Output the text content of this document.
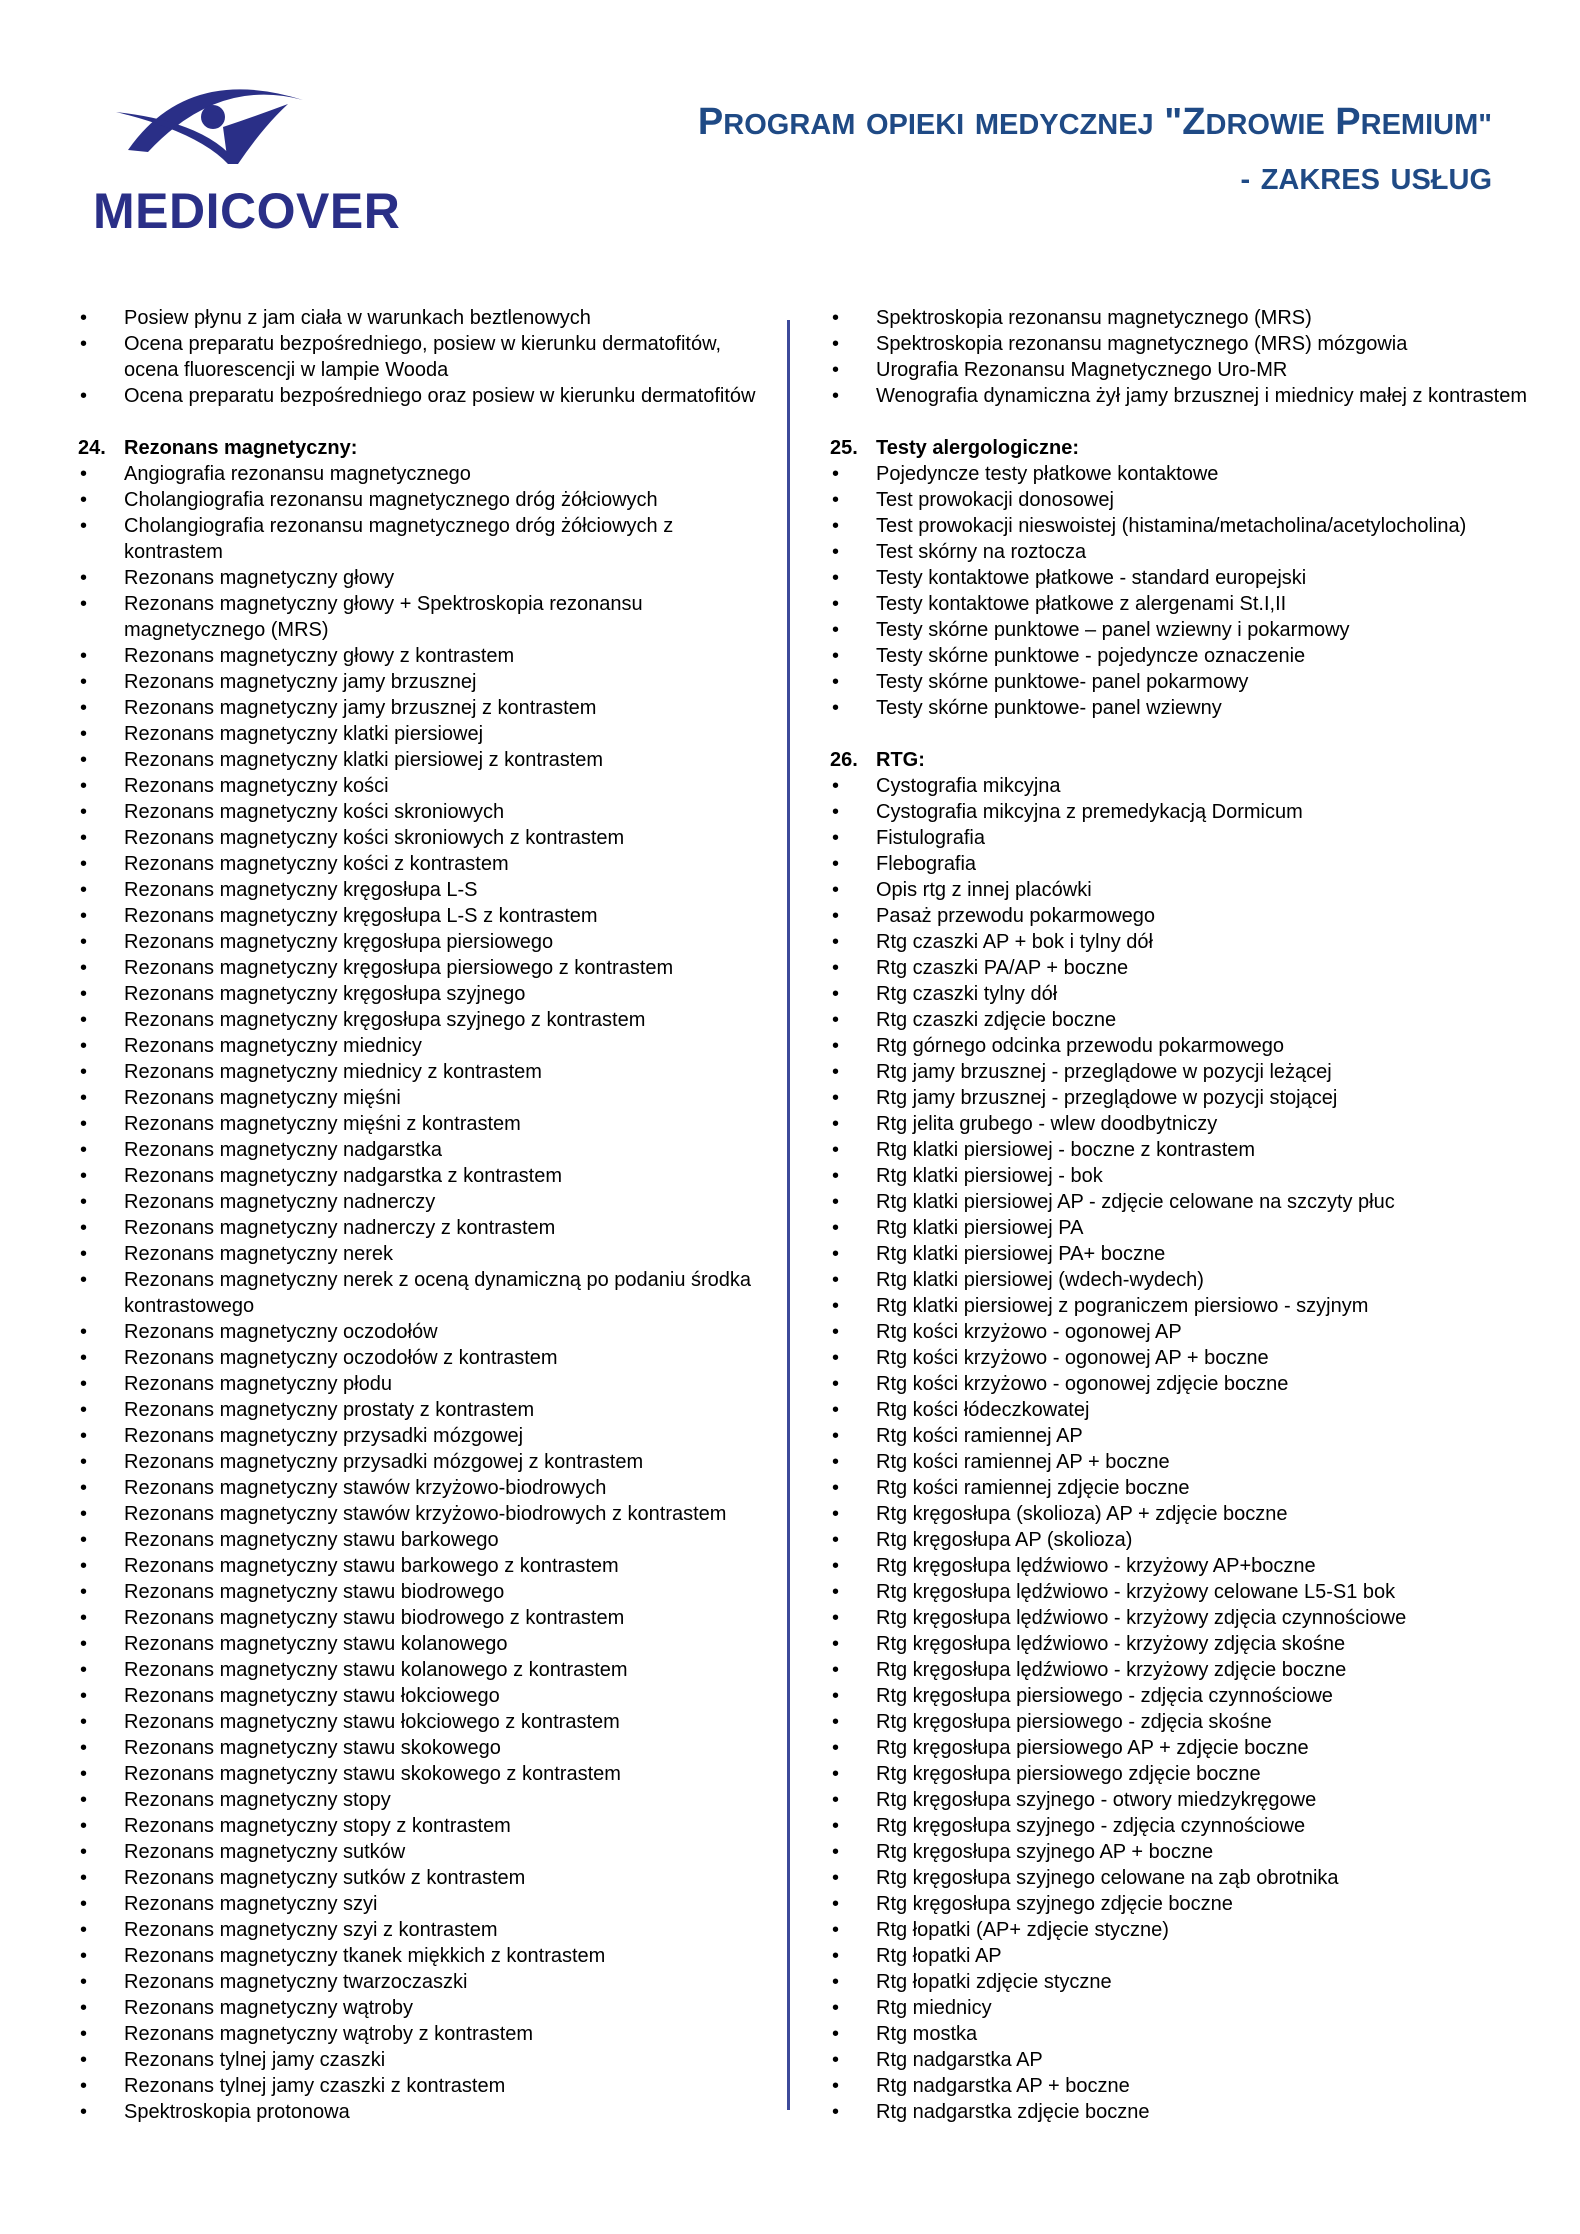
MEDICOVER
PROGRAM OPIEKI MEDYCZNEJ "ZDROWIE PREMIUM"
- ZAKRES USŁUG
• Posiew płynu z jam ciała w warunkach beztlenowych
• Ocena preparatu bezpośredniego, posiew w kierunku dermatofitów, ocena fluorescencji w lampie Wooda
• Ocena preparatu bezpośredniego oraz posiew w kierunku dermatofitów
24. Rezonans magnetyczny:
• Angiografia rezonansu magnetycznego
• Cholangiografia rezonansu magnetycznego dróg żółciowych
• Cholangiografia rezonansu magnetycznego dróg żółciowych z kontrastem
• Rezonans magnetyczny głowy
• Rezonans magnetyczny głowy + Spektroskopia rezonansu magnetycznego (MRS)
• Rezonans magnetyczny głowy z kontrastem
• Rezonans magnetyczny jamy brzusznej
• Rezonans magnetyczny jamy brzusznej z kontrastem
• Rezonans magnetyczny klatki piersiowej
• Rezonans magnetyczny klatki piersiowej z kontrastem
• Rezonans magnetyczny kości
• Rezonans magnetyczny kości skroniowych
• Rezonans magnetyczny kości skroniowych z kontrastem
• Rezonans magnetyczny kości z kontrastem
• Rezonans magnetyczny kręgosłupa L-S
• Rezonans magnetyczny kręgosłupa L-S z kontrastem
• Rezonans magnetyczny kręgosłupa piersiowego
• Rezonans magnetyczny kręgosłupa piersiowego z kontrastem
• Rezonans magnetyczny kręgosłupa szyjnego
• Rezonans magnetyczny kręgosłupa szyjnego z kontrastem
• Rezonans magnetyczny miednicy
• Rezonans magnetyczny miednicy z kontrastem
• Rezonans magnetyczny mięśni
• Rezonans magnetyczny mięśni z kontrastem
• Rezonans magnetyczny nadgarstka
• Rezonans magnetyczny nadgarstka z kontrastem
• Rezonans magnetyczny nadnerczy
• Rezonans magnetyczny nadnerczy z kontrastem
• Rezonans magnetyczny nerek
• Rezonans magnetyczny nerek z oceną dynamiczną po podaniu środka kontrastowego
• Rezonans magnetyczny oczodołów
• Rezonans magnetyczny oczodołów z kontrastem
• Rezonans magnetyczny płodu
• Rezonans magnetyczny prostaty z kontrastem
• Rezonans magnetyczny przysadki mózgowej
• Rezonans magnetyczny przysadki mózgowej z kontrastem
• Rezonans magnetyczny stawów krzyżowo-biodrowych
• Rezonans magnetyczny stawów krzyżowo-biodrowych z kontrastem
• Rezonans magnetyczny stawu barkowego
• Rezonans magnetyczny stawu barkowego z kontrastem
• Rezonans magnetyczny stawu biodrowego
• Rezonans magnetyczny stawu biodrowego z kontrastem
• Rezonans magnetyczny stawu kolanowego
• Rezonans magnetyczny stawu kolanowego z kontrastem
• Rezonans magnetyczny stawu łokciowego
• Rezonans magnetyczny stawu łokciowego z kontrastem
• Rezonans magnetyczny stawu skokowego
• Rezonans magnetyczny stawu skokowego z kontrastem
• Rezonans magnetyczny stopy
• Rezonans magnetyczny stopy z kontrastem
• Rezonans magnetyczny sutków
• Rezonans magnetyczny sutków z kontrastem
• Rezonans magnetyczny szyi
• Rezonans magnetyczny szyi z kontrastem
• Rezonans magnetyczny tkanek miękkich z kontrastem
• Rezonans magnetyczny twarzoczaszki
• Rezonans magnetyczny wątroby
• Rezonans magnetyczny wątroby z kontrastem
• Rezonans tylnej jamy czaszki
• Rezonans tylnej jamy czaszki z kontrastem
• Spektroskopia protonowa
• Spektroskopia rezonansu magnetycznego (MRS)
• Spektroskopia rezonansu magnetycznego (MRS) mózgowia
• Urografia Rezonansu Magnetycznego Uro-MR
• Wenografia dynamiczna żył jamy brzusznej i miednicy małej z kontrastem
25. Testy alergologiczne:
• Pojedyncze testy płatkowe kontaktowe
• Test prowokacji donosowej
• Test prowokacji nieswoistej (histamina/metacholina/acetylocholina)
• Test skórny na roztocza
• Testy kontaktowe płatkowe - standard europejski
• Testy kontaktowe płatkowe z alergenami St.I,II
• Testy skórne punktowe – panel wziewny i pokarmowy
• Testy skórne punktowe - pojedyncze oznaczenie
• Testy skórne punktowe- panel pokarmowy
• Testy skórne punktowe- panel wziewny
26. RTG:
• Cystografia mikcyjna
• Cystografia mikcyjna z premedykacją Dormicum
• Fistulografia
• Flebografia
• Opis rtg z innej placówki
• Pasaż przewodu pokarmowego
• Rtg czaszki AP + bok i tylny dół
• Rtg czaszki PA/AP + boczne
• Rtg czaszki tylny dół
• Rtg czaszki zdjęcie boczne
• Rtg górnego odcinka przewodu pokarmowego
• Rtg jamy brzusznej - przeglądowe w pozycji leżącej
• Rtg jamy brzusznej - przeglądowe w pozycji stojącej
• Rtg jelita grubego - wlew doodbytniczy
• Rtg klatki piersiowej - boczne z kontrastem
• Rtg klatki piersiowej - bok
• Rtg klatki piersiowej AP - zdjęcie celowane na szczyty płuc
• Rtg klatki piersiowej PA
• Rtg klatki piersiowej PA+ boczne
• Rtg klatki piersiowej (wdech-wydech)
• Rtg klatki piersiowej z pograniczem piersiowo - szyjnym
• Rtg kości krzyżowo - ogonowej AP
• Rtg kości krzyżowo - ogonowej AP + boczne
• Rtg kości krzyżowo - ogonowej zdjęcie boczne
• Rtg kości łódeczkowatej
• Rtg kości ramiennej AP
• Rtg kości ramiennej AP + boczne
• Rtg kości ramiennej zdjęcie boczne
• Rtg kręgosłupa (skolioza) AP + zdjęcie boczne
• Rtg kręgosłupa AP (skolioza)
• Rtg kręgosłupa lędźwiowo - krzyżowy AP+boczne
• Rtg kręgosłupa lędźwiowo - krzyżowy celowane L5-S1 bok
• Rtg kręgosłupa lędźwiowo - krzyżowy zdjęcia czynnościowe
• Rtg kręgosłupa lędźwiowo - krzyżowy zdjęcia skośne
• Rtg kręgosłupa lędźwiowo - krzyżowy zdjęcie boczne
• Rtg kręgosłupa piersiowego - zdjęcia czynnościowe
• Rtg kręgosłupa piersiowego - zdjęcia skośne
• Rtg kręgosłupa piersiowego AP + zdjęcie boczne
• Rtg kręgosłupa piersiowego zdjęcie boczne
• Rtg kręgosłupa szyjnego - otwory miedzykręgowe
• Rtg kręgosłupa szyjnego - zdjęcia czynnościowe
• Rtg kręgosłupa szyjnego AP + boczne
• Rtg kręgosłupa szyjnego celowane na ząb obrotnika
• Rtg kręgosłupa szyjnego zdjęcie boczne
• Rtg łopatki (AP+ zdjęcie styczne)
• Rtg łopatki AP
• Rtg łopatki zdjęcie styczne
• Rtg miednicy
• Rtg mostka
• Rtg nadgarstka AP
• Rtg nadgarstka AP + boczne
• Rtg nadgarstka zdjęcie boczne
